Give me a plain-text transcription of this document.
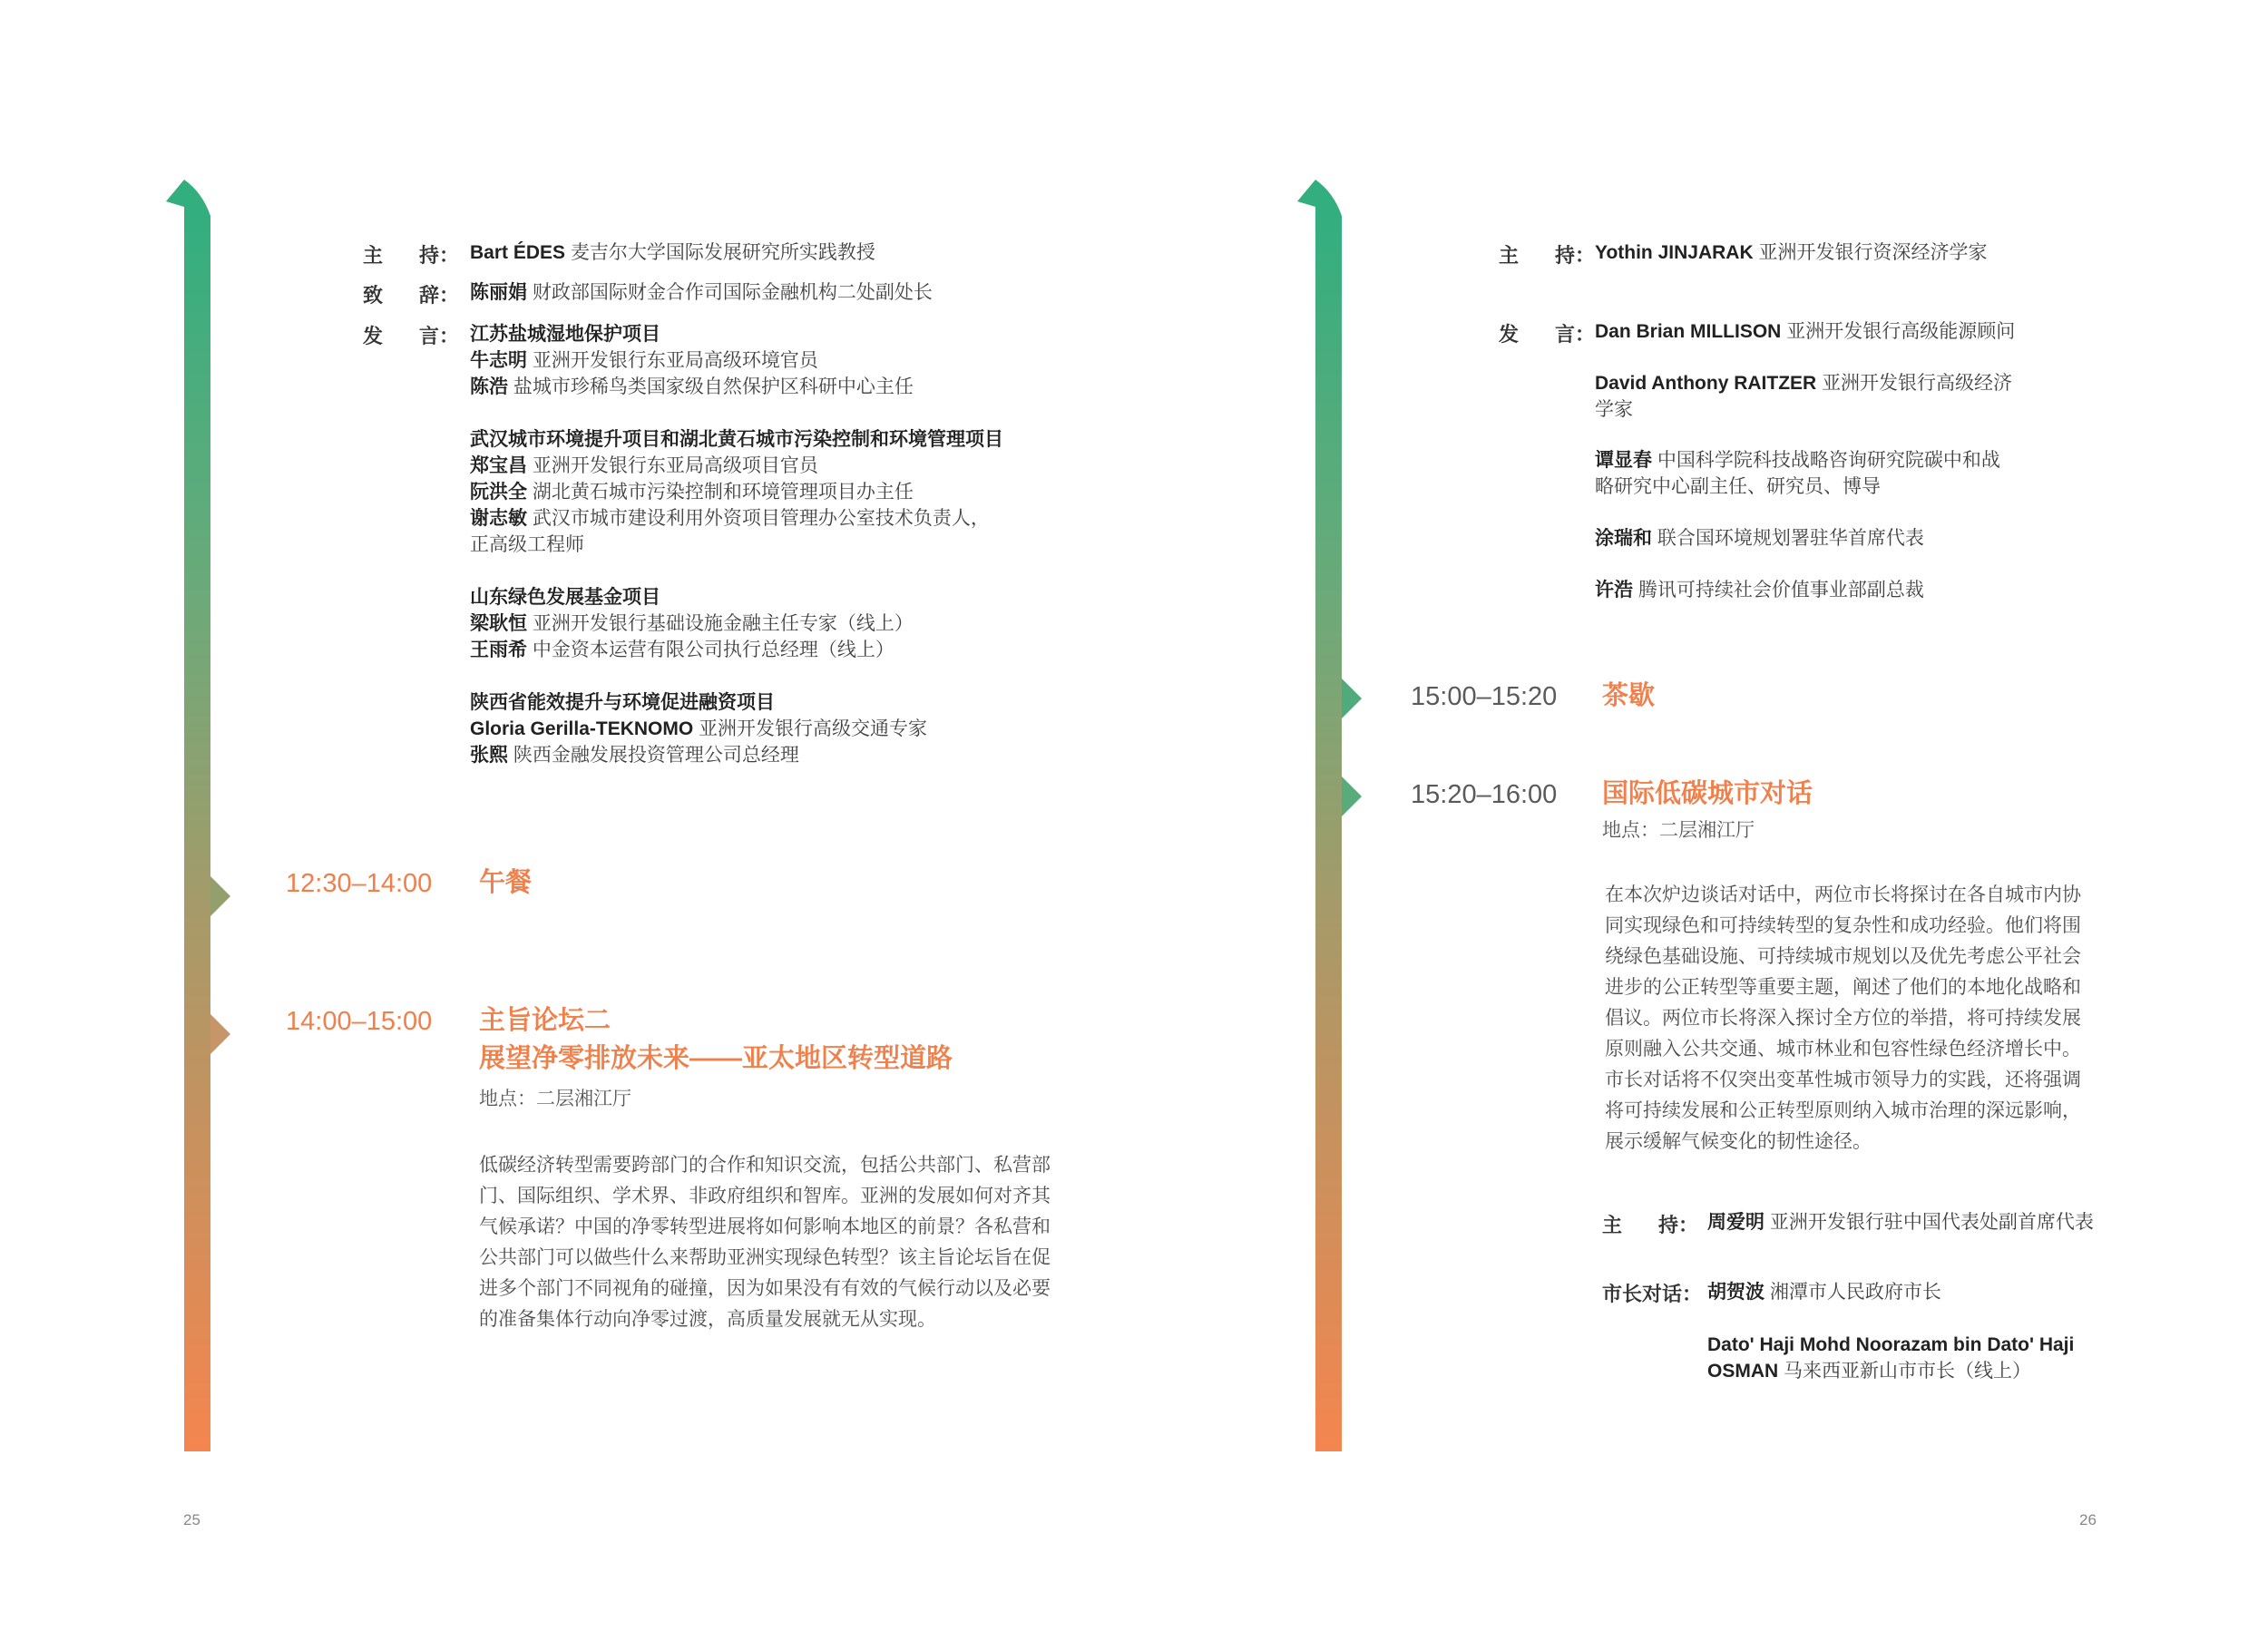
主 持： Bart ÉDES 麦吉尔大学国际发展研究所实践教授
致 辞： 陈丽娟 财政部国际财金合作司国际金融机构二处副处长
发 言： 江苏盐城湿地保护项目
牛志明 亚洲开发银行东亚局高级环境官员
陈浩 盐城市珍稀鸟类国家级自然保护区科研中心主任
武汉城市环境提升项目和湖北黄石城市污染控制和环境管理项目
郑宝昌 亚洲开发银行东亚局高级项目官员
阮洪全 湖北黄石城市污染控制和环境管理项目办主任
谢志敏 武汉市城市建设利用外资项目管理办公室技术负责人，
正高级工程师
山东绿色发展基金项目
梁耿恒 亚洲开发银行基础设施金融主任专家（线上）
王雨希 中金资本运营有限公司执行总经理（线上）
陕西省能效提升与环境促进融资项目
Gloria Gerilla-TEKNOMO 亚洲开发银行高级交通专家
张熙 陕西金融发展投资管理公司总经理
12:30–14:00 午餐
14:00–15:00 主旨论坛二
展望净零排放未来——亚太地区转型道路
地点：二层湘江厅
低碳经济转型需要跨部门的合作和知识交流，包括公共部门、私营部
门、国际组织、学术界、非政府组织和智库。亚洲的发展如何对齐其
气候承诺？中国的净零转型进展将如何影响本地区的前景？各私营和
公共部门可以做些什么来帮助亚洲实现绿色转型？该主旨论坛旨在促
进多个部门不同视角的碰撞，因为如果没有有效的气候行动以及必要
的准备集体行动向净零过渡，高质量发展就无从实现。
25
主 持： Yothin JINJARAK 亚洲开发银行资深经济学家
发 言： Dan Brian MILLISON 亚洲开发银行高级能源顾问
David Anthony RAITZER 亚洲开发银行高级经济
学家
谭显春 中国科学院科技战略咨询研究院碳中和战
略研究中心副主任、研究员、博导
涂瑞和 联合国环境规划署驻华首席代表
许浩 腾讯可持续社会价值事业部副总裁
15:00–15:20 茶歇
15:20–16:00 国际低碳城市对话
地点：二层湘江厅
在本次炉边谈话对话中，两位市长将探讨在各自城市内协
同实现绿色和可持续转型的复杂性和成功经验。他们将围
绕绿色基础设施、可持续城市规划以及优先考虑公平社会
进步的公正转型等重要主题，阐述了他们的本地化战略和
倡议。两位市长将深入探讨全方位的举措，将可持续发展
原则融入公共交通、城市林业和包容性绿色经济增长中。
市长对话将不仅突出变革性城市领导力的实践，还将强调
将可持续发展和公正转型原则纳入城市治理的深远影响，
展示缓解气候变化的韧性途径。
主 持： 周爱明 亚洲开发银行驻中国代表处副首席代表
市长对话： 胡贺波 湘潭市人民政府市长
Dato' Haji Mohd Noorazam bin Dato' Haji
OSMAN 马来西亚新山市市长（线上）
26
